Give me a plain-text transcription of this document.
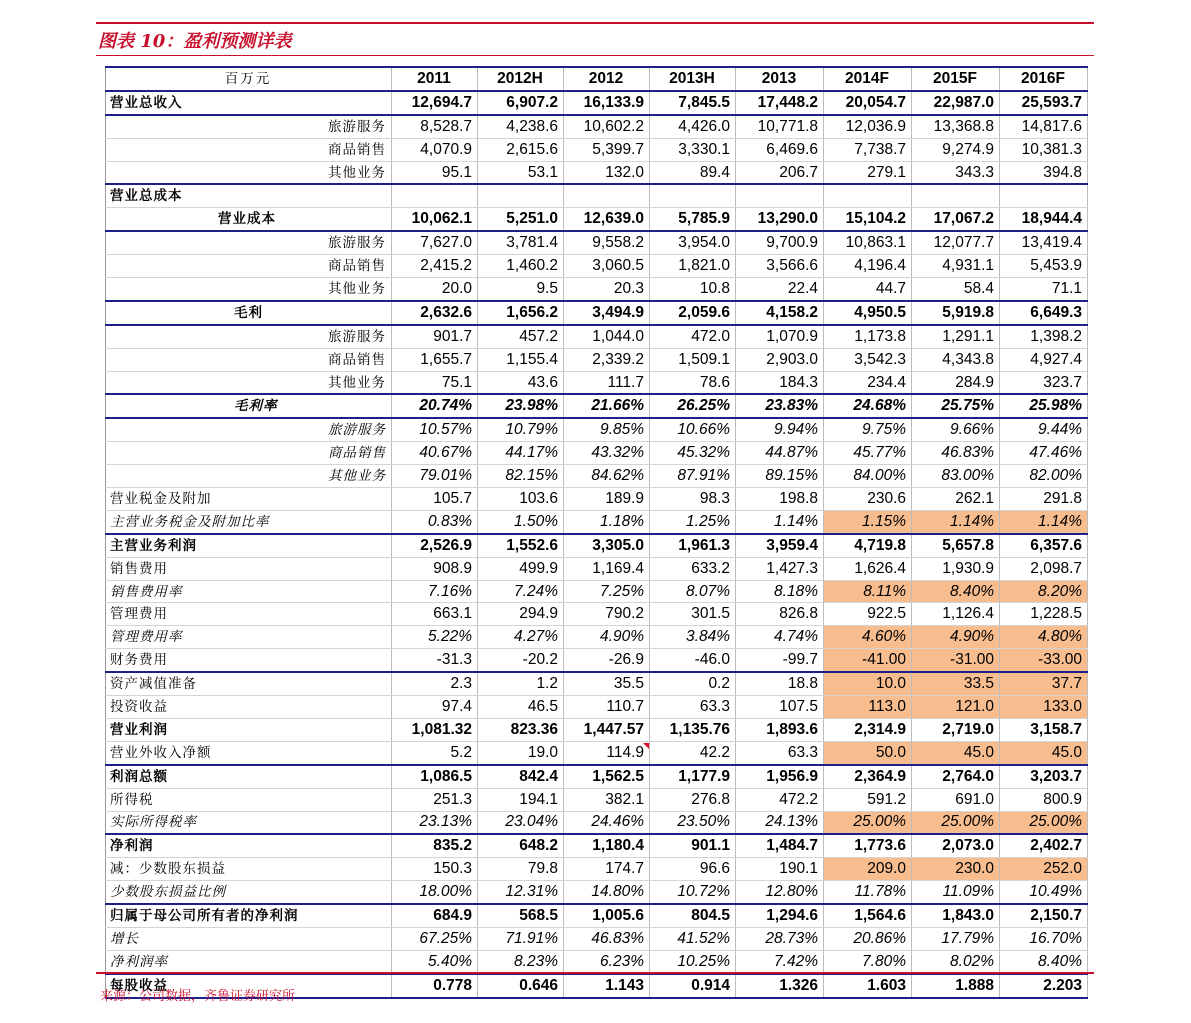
图表 10：盈利预测详表
百万元	2011	2012H	2012	2013H	2013	2014F	2015F	2016F
营业总收入	12,694.7	6,907.2	16,133.9	7,845.5	17,448.2	20,054.7	22,987.0	25,593.7
旅游服务	8,528.7	4,238.6	10,602.2	4,426.0	10,771.8	12,036.9	13,368.8	14,817.6
商品销售	4,070.9	2,615.6	5,399.7	3,330.1	6,469.6	7,738.7	9,274.9	10,381.3
其他业务	95.1	53.1	132.0	89.4	206.7	279.1	343.3	394.8
营业总成本								
营业成本	10,062.1	5,251.0	12,639.0	5,785.9	13,290.0	15,104.2	17,067.2	18,944.4
旅游服务	7,627.0	3,781.4	9,558.2	3,954.0	9,700.9	10,863.1	12,077.7	13,419.4
商品销售	2,415.2	1,460.2	3,060.5	1,821.0	3,566.6	4,196.4	4,931.1	5,453.9
其他业务	20.0	9.5	20.3	10.8	22.4	44.7	58.4	71.1
毛利	2,632.6	1,656.2	3,494.9	2,059.6	4,158.2	4,950.5	5,919.8	6,649.3
旅游服务	901.7	457.2	1,044.0	472.0	1,070.9	1,173.8	1,291.1	1,398.2
商品销售	1,655.7	1,155.4	2,339.2	1,509.1	2,903.0	3,542.3	4,343.8	4,927.4
其他业务	75.1	43.6	111.7	78.6	184.3	234.4	284.9	323.7
毛利率	20.74%	23.98%	21.66%	26.25%	23.83%	24.68%	25.75%	25.98%
旅游服务	10.57%	10.79%	9.85%	10.66%	9.94%	9.75%	9.66%	9.44%
商品销售	40.67%	44.17%	43.32%	45.32%	44.87%	45.77%	46.83%	47.46%
其他业务	79.01%	82.15%	84.62%	87.91%	89.15%	84.00%	83.00%	82.00%
营业税金及附加	105.7	103.6	189.9	98.3	198.8	230.6	262.1	291.8
主营业务税金及附加比率	0.83%	1.50%	1.18%	1.25%	1.14%	1.15%	1.14%	1.14%
主营业务利润	2,526.9	1,552.6	3,305.0	1,961.3	3,959.4	4,719.8	5,657.8	6,357.6
销售费用	908.9	499.9	1,169.4	633.2	1,427.3	1,626.4	1,930.9	2,098.7
销售费用率	7.16%	7.24%	7.25%	8.07%	8.18%	8.11%	8.40%	8.20%
管理费用	663.1	294.9	790.2	301.5	826.8	922.5	1,126.4	1,228.5
管理费用率	5.22%	4.27%	4.90%	3.84%	4.74%	4.60%	4.90%	4.80%
财务费用	-31.3	-20.2	-26.9	-46.0	-99.7	-41.00	-31.00	-33.00
资产减值准备	2.3	1.2	35.5	0.2	18.8	10.0	33.5	37.7
投资收益	97.4	46.5	110.7	63.3	107.5	113.0	121.0	133.0
营业利润	1,081.32	823.36	1,447.57	1,135.76	1,893.6	2,314.9	2,719.0	3,158.7
营业外收入净额	5.2	19.0	114.9	42.2	63.3	50.0	45.0	45.0
利润总额	1,086.5	842.4	1,562.5	1,177.9	1,956.9	2,364.9	2,764.0	3,203.7
所得税	251.3	194.1	382.1	276.8	472.2	591.2	691.0	800.9
实际所得税率	23.13%	23.04%	24.46%	23.50%	24.13%	25.00%	25.00%	25.00%
净利润	835.2	648.2	1,180.4	901.1	1,484.7	1,773.6	2,073.0	2,402.7
减：少数股东损益	150.3	79.8	174.7	96.6	190.1	209.0	230.0	252.0
少数股东损益比例	18.00%	12.31%	14.80%	10.72%	12.80%	11.78%	11.09%	10.49%
归属于母公司所有者的净利润	684.9	568.5	1,005.6	804.5	1,294.6	1,564.6	1,843.0	2,150.7
增长	67.25%	71.91%	46.83%	41.52%	28.73%	20.86%	17.79%	16.70%
净利润率	5.40%	8.23%	6.23%	10.25%	7.42%	7.80%	8.02%	8.40%
每股收益	0.778	0.646	1.143	0.914	1.326	1.603	1.888	2.203
来源：公司数据，齐鲁证券研究所
